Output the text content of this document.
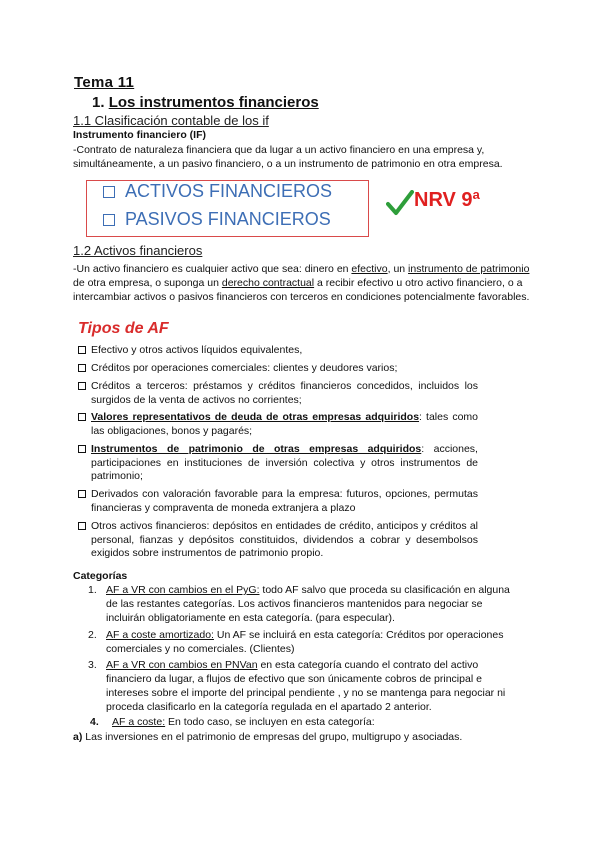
Tema 11
1. Los instrumentos financieros
1.1 Clasificación contable de los if
Instrumento financiero (IF)
-Contrato de naturaleza financiera que da lugar a un activo financiero en una empresa y, simultáneamente, a un pasivo financiero, o a un instrumento de patrimonio en otra empresa.
ACTIVOS FINANCIEROS
PASIVOS FINANCIEROS
NRV 9ª
1.2 Activos financieros
-Un activo financiero es cualquier activo que sea: dinero en efectivo, un instrumento de patrimonio de otra empresa, o suponga un derecho contractual a recibir efectivo u otro activo financiero, o a intercambiar activos o pasivos financieros con terceros en condiciones potencialmente favorables.
Tipos de AF
Efectivo y otros activos líquidos equivalentes,
Créditos por operaciones comerciales: clientes y deudores varios;
Créditos a terceros: préstamos y créditos financieros concedidos, incluidos los surgidos de la venta de activos no corrientes;
Valores representativos de deuda de otras empresas adquiridos: tales como las obligaciones, bonos y pagarés;
Instrumentos de patrimonio de otras empresas adquiridos: acciones, participaciones en instituciones de inversión colectiva y otros instrumentos de patrimonio;
Derivados con valoración favorable para la empresa: futuros, opciones, permutas financieras y compraventa de moneda extranjera a plazo
Otros activos financieros: depósitos en entidades de crédito, anticipos y créditos al personal, fianzas y depósitos constituidos, dividendos a cobrar y desembolsos exigidos sobre instrumentos de patrimonio propio.
Categorías
1. AF a VR con cambios en el PyG: todo AF salvo que proceda su clasificación en alguna de las restantes categorías. Los activos financieros mantenidos para negociar se incluirán obligatoriamente en esta categoría. (para especular).
2. AF a coste amortizado: Un AF se incluirá en esta categoría: Créditos por operaciones comerciales y no comerciales. (Clientes)
3. AF a VR con cambios en PNVan en esta categoría cuando el contrato del activo financiero da lugar, a flujos de efectivo que son únicamente cobros de principal e intereses sobre el importe del principal pendiente , y no se mantenga para negociar ni proceda clasificarlo en la categoría regulada en el apartado 2 anterior.
4. AF a coste: En todo caso, se incluyen en esta categoría:
a) Las inversiones en el patrimonio de empresas del grupo, multigrupo y asociadas.
